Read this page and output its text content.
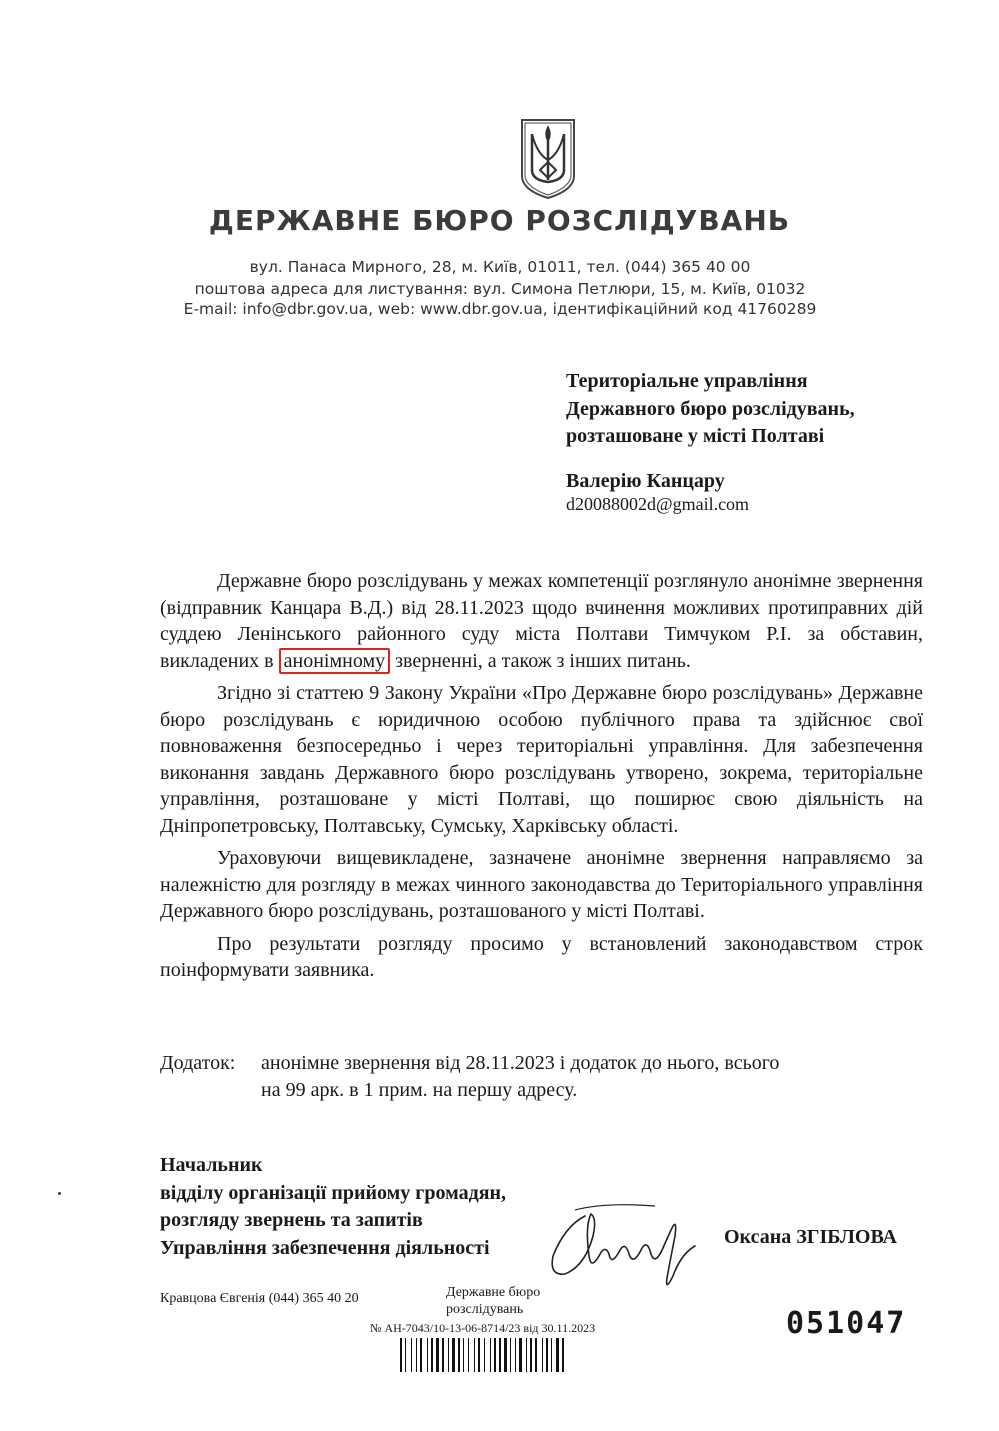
ДЕРЖАВНЕ БЮРО РОЗСЛІДУВАНЬ
вул. Панаса Мирного, 28, м. Київ, 01011, тел. (044) 365 40 00
поштова адреса для листування: вул. Симона Петлюри, 15, м. Київ, 01032
E-mail: info@dbr.gov.ua, web: www.dbr.gov.ua, ідентифікаційний код 41760289
Територіальне управління
Державного бюро розслідувань,
розташоване у місті Полтаві
Валерію Канцару
d20088002d@gmail.com

Державне бюро розслідувань у межах компетенції розглянуло анонімне звернення (відправник Канцара В.Д.) від 28.11.2023 щодо вчинення можливих протиправних дій суддею Ленінського районного суду міста Полтави Тимчуком Р.І. за обставин, викладених в анонімному зверненні, а також з інших питань.

Згідно зі статтею 9 Закону України «Про Державне бюро розслідувань» Державне бюро розслідувань є юридичною особою публічного права та здійснює свої повноваження безпосередньо і через територіальні управління. Для забезпечення виконання завдань Державного бюро розслідувань утворено, зокрема, територіальне управління, розташоване у місті Полтаві, що поширює свою діяльність на Дніпропетровську, Полтавську, Сумську, Харківську області.

Ураховуючи вищевикладене, зазначене анонімне звернення направляємо за належністю для розгляду в межах чинного законодавства до Територіального управління Державного бюро розслідувань, розташованого у місті Полтаві.

Про результати розгляду просимо у встановлений законодавством строк поінформувати заявника.

Додаток:	анонімне звернення від 28.11.2023 і додаток до нього, всього
на 99 арк. в 1 прим. на першу адресу.
Начальник
відділу організації прийому громадян,
розгляду звернень та запитів
Управління забезпечення діяльності	Оксана ЗГІБЛОВА
Кравцова Євгенія (044) 365 40 20	Державне бюро
розслідувань
№ АН-7043/10-13-06-8714/23 від 30.11.2023	051047
